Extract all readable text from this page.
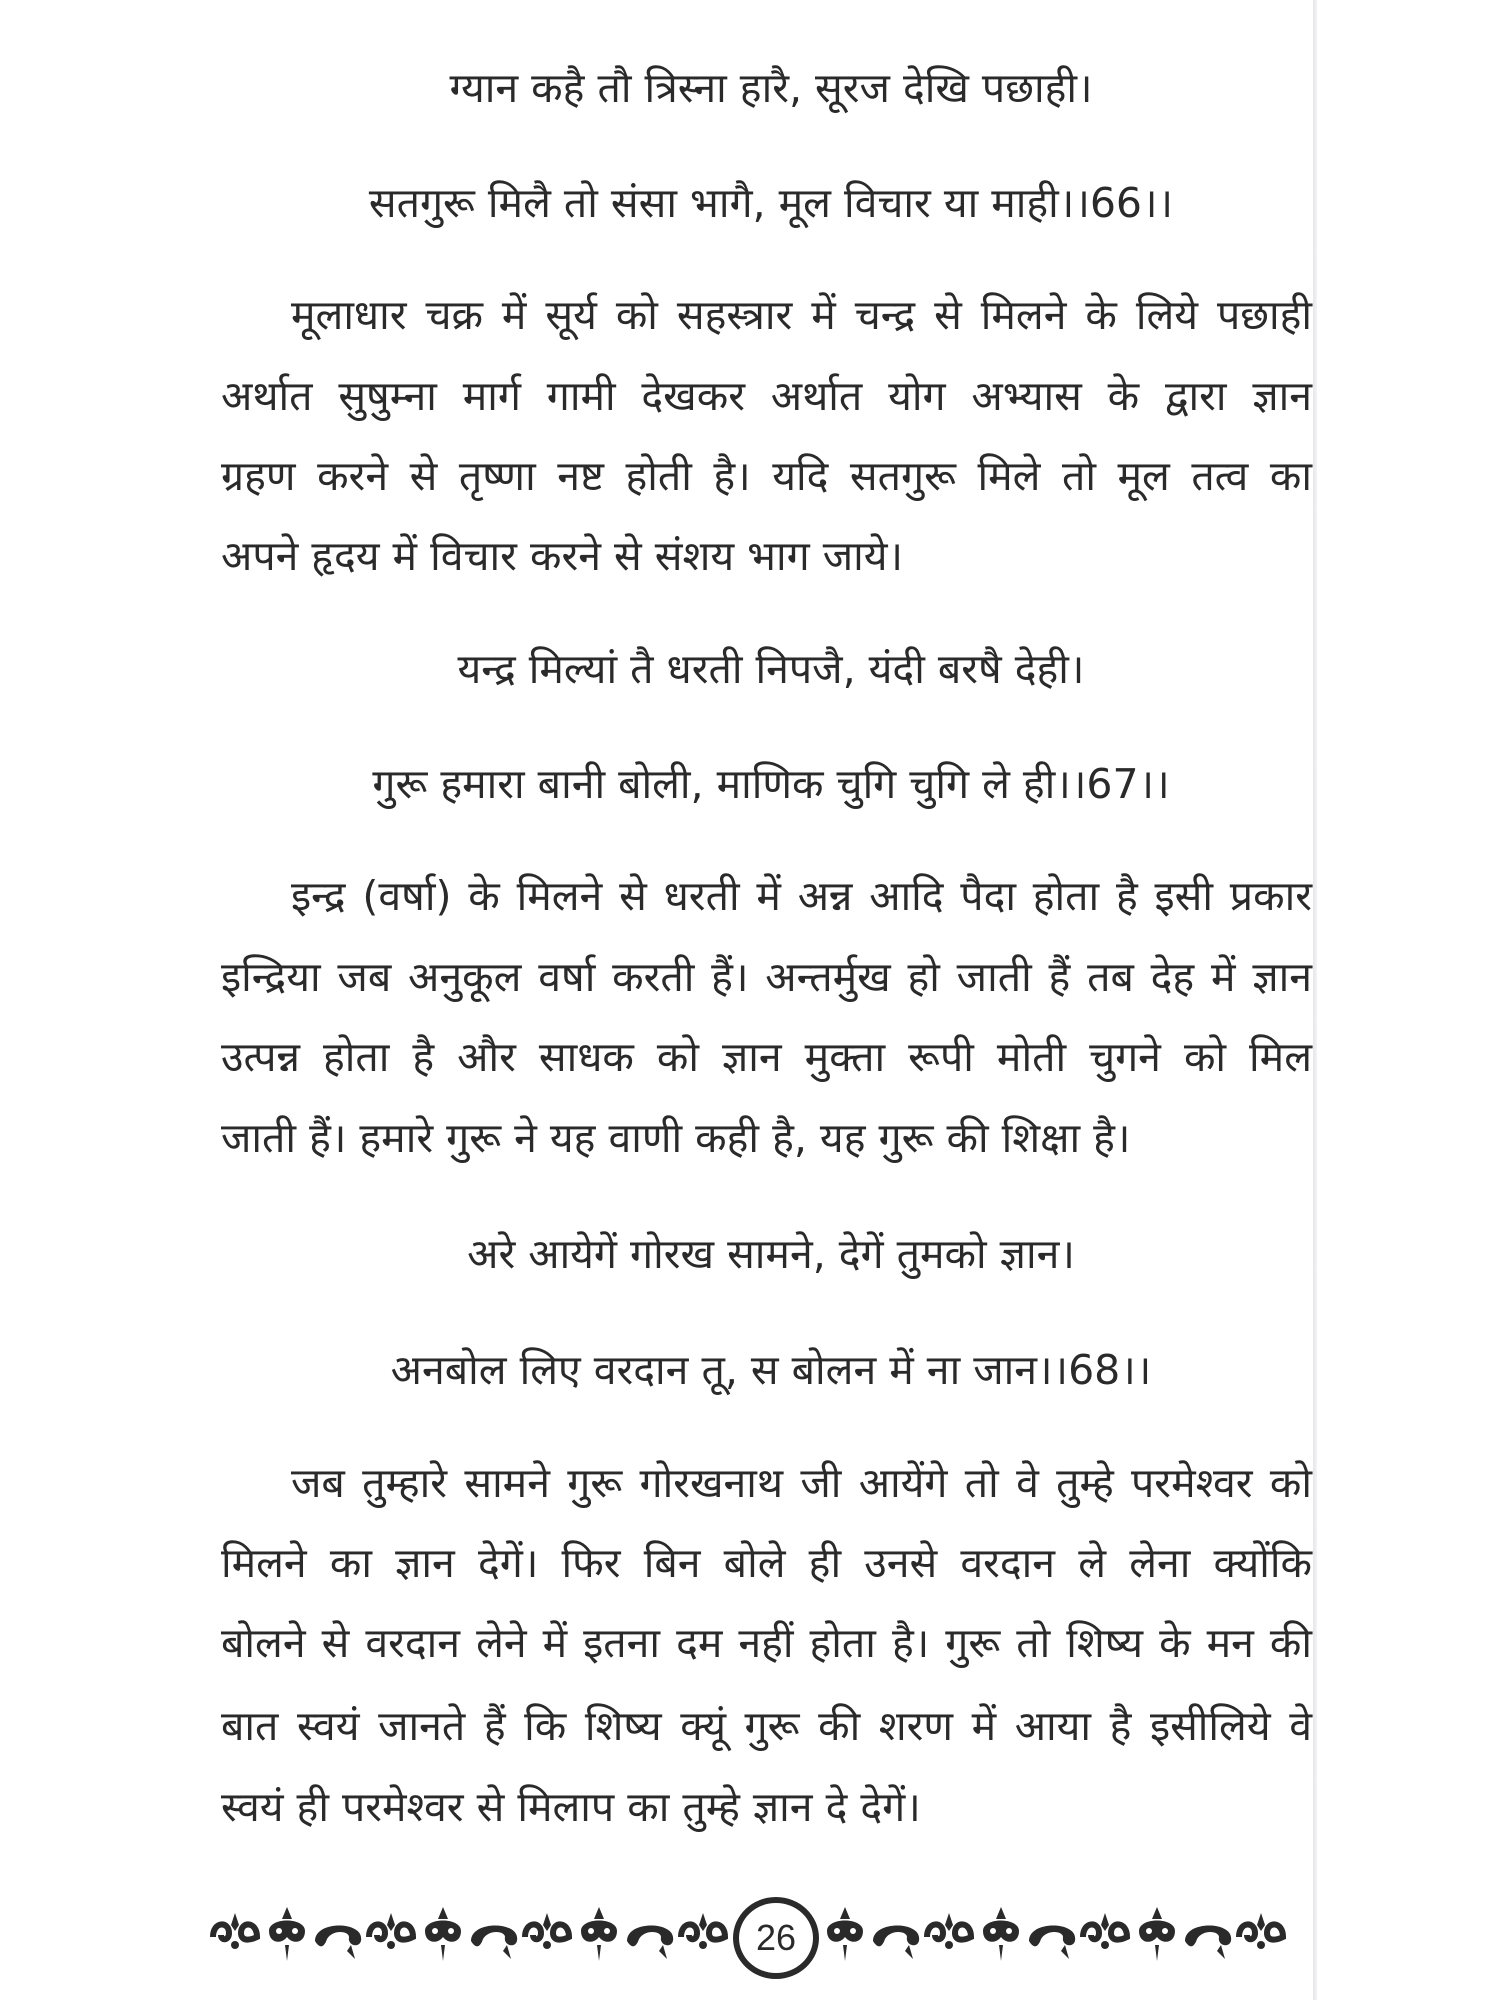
ग्यान कहै तौ त्रिस्ना हारै, सूरज देखि पछाही।
सतगुरू मिलै तो संसा भागै, मूल विचार या माही।।66।।
मूलाधार चक्र में सूर्य को सहस्त्रार में चन्द्र से मिलने के लिये पछाही
अर्थात सुषुम्ना मार्ग गामी देखकर अर्थात योग अभ्यास के द्वारा ज्ञान
ग्रहण करने से तृष्णा नष्ट होती है। यदि सतगुरू मिले तो मूल तत्व का
अपने हृदय में विचार करने से संशय भाग जाये।
यन्द्र मिल्यां तै धरती निपजै, यंदी बरषै देही।
गुरू हमारा बानी बोली, माणिक चुगि चुगि ले ही।।67।।
इन्द्र (वर्षा) के मिलने से धरती में अन्न आदि पैदा होता है इसी प्रकार
इन्द्रिया जब अनुकूल वर्षा करती हैं। अन्तर्मुख हो जाती हैं तब देह में ज्ञान
उत्पन्न होता है और साधक को ज्ञान मुक्ता रूपी मोती चुगने को मिल
जाती हैं। हमारे गुरू ने यह वाणी कही है, यह गुरू की शिक्षा है।
अरे आयेगें गोरख सामने, देगें तुमको ज्ञान।
अनबोल लिए वरदान तू, स बोलन में ना जान।।68।।
जब तुम्हारे सामने गुरू गोरखनाथ जी आयेंगे तो वे तुम्हे परमेश्वर को
मिलने का ज्ञान देगें। फिर बिन बोले ही उनसे वरदान ले लेना क्योंकि
बोलने से वरदान लेने में इतना दम नहीं होता है। गुरू तो शिष्य के मन की
बात स्वयं जानते हैं कि शिष्य क्यूं गुरू की शरण में आया है इसीलिये वे
स्वयं ही परमेश्वर से मिलाप का तुम्हे ज्ञान दे देगें।
26
